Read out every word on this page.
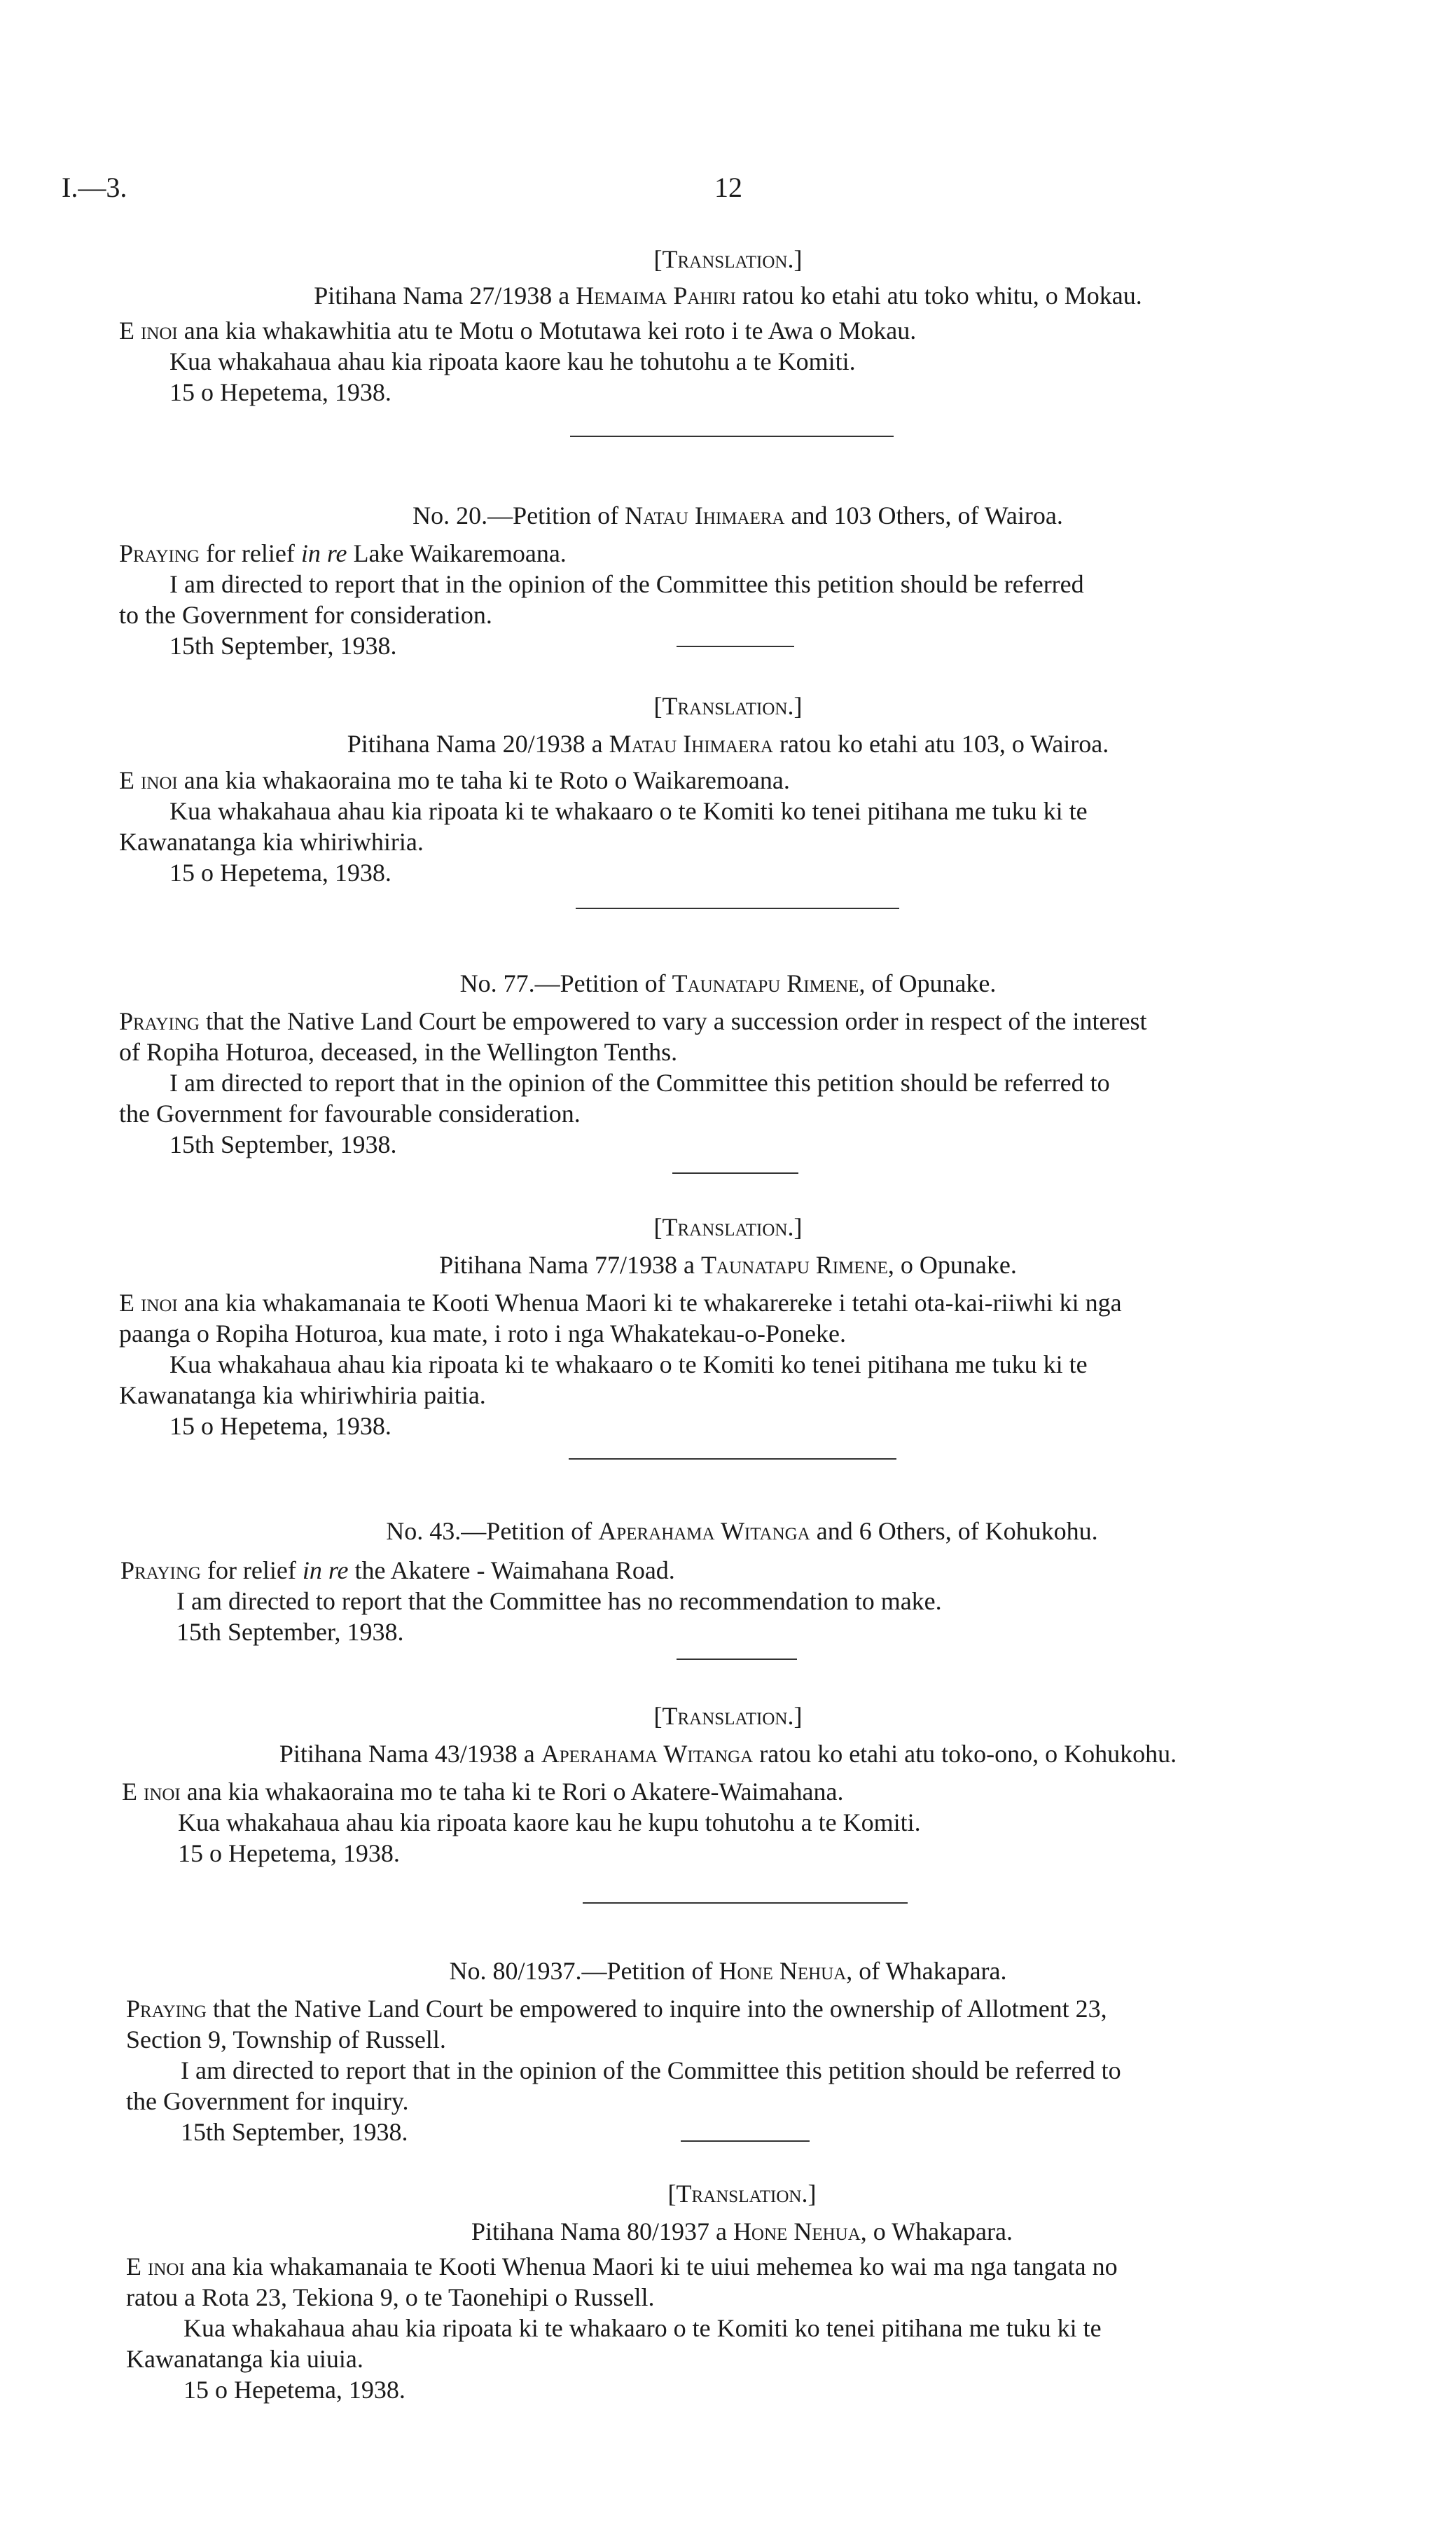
I.—3.	12
[Translation.]
Pitihana Nama 27/1938 a Hemaima Pahiri ratou ko etahi atu toko whitu, o Mokau.
E inoi ana kia whakawhitia atu te Motu o Motutawa kei roto i te Awa o Mokau.
Kua whakahaua ahau kia ripoata kaore kau he tohutohu a te Komiti.
15 o Hepetema, 1938.
No. 20.—Petition of Natau Ihimaera and 103 Others, of Wairoa.
Praying for relief in re Lake Waikaremoana.
I am directed to report that in the opinion of the Committee this petition should be referred
to the Government for consideration.
15th September, 1938.
[Translation.]
Pitihana Nama 20/1938 a Matau Ihimaera ratou ko etahi atu 103, o Wairoa.
E inoi ana kia whakaoraina mo te taha ki te Roto o Waikaremoana.
Kua whakahaua ahau kia ripoata ki te whakaaro o te Komiti ko tenei pitihana me tuku ki te
Kawanatanga kia whiriwhiria.
15 o Hepetema, 1938.
No. 77.—Petition of Taunatapu Rimene, of Opunake.
Praying that the Native Land Court be empowered to vary a succession order in respect of the interest
of Ropiha Hoturoa, deceased, in the Wellington Tenths.
I am directed to report that in the opinion of the Committee this petition should be referred to
the Government for favourable consideration.
15th September, 1938.
[Translation.]
Pitihana Nama 77/1938 a Taunatapu Rimene, o Opunake.
E inoi ana kia whakamanaia te Kooti Whenua Maori ki te whakarereke i tetahi ota-kai-riiwhi ki nga
paanga o Ropiha Hoturoa, kua mate, i roto i nga Whakatekau-o-Poneke.
Kua whakahaua ahau kia ripoata ki te whakaaro o te Komiti ko tenei pitihana me tuku ki te
Kawanatanga kia whiriwhiria paitia.
15 o Hepetema, 1938.
No. 43.—Petition of Aperahama Witanga and 6 Others, of Kohukohu.
Praying for relief in re the Akatere - Waimahana Road.
I am directed to report that the Committee has no recommendation to make.
15th September, 1938.
[Translation.]
Pitihana Nama 43/1938 a Aperahama Witanga ratou ko etahi atu toko-ono, o Kohukohu.
E inoi ana kia whakaoraina mo te taha ki te Rori o Akatere-Waimahana.
Kua whakahaua ahau kia ripoata kaore kau he kupu tohutohu a te Komiti.
15 o Hepetema, 1938.
No. 80/1937.—Petition of Hone Nehua, of Whakapara.
Praying that the Native Land Court be empowered to inquire into the ownership of Allotment 23,
Section 9, Township of Russell.
I am directed to report that in the opinion of the Committee this petition should be referred to
the Government for inquiry.
15th September, 1938.
[Translation.]
Pitihana Nama 80/1937 a Hone Nehua, o Whakapara.
E inoi ana kia whakamanaia te Kooti Whenua Maori ki te uiui mehemea ko wai ma nga tangata no
ratou a Rota 23, Tekiona 9, o te Taonehipi o Russell.
Kua whakahaua ahau kia ripoata ki te whakaaro o te Komiti ko tenei pitihana me tuku ki te
Kawanatanga kia uiuia.
15 o Hepetema, 1938.
